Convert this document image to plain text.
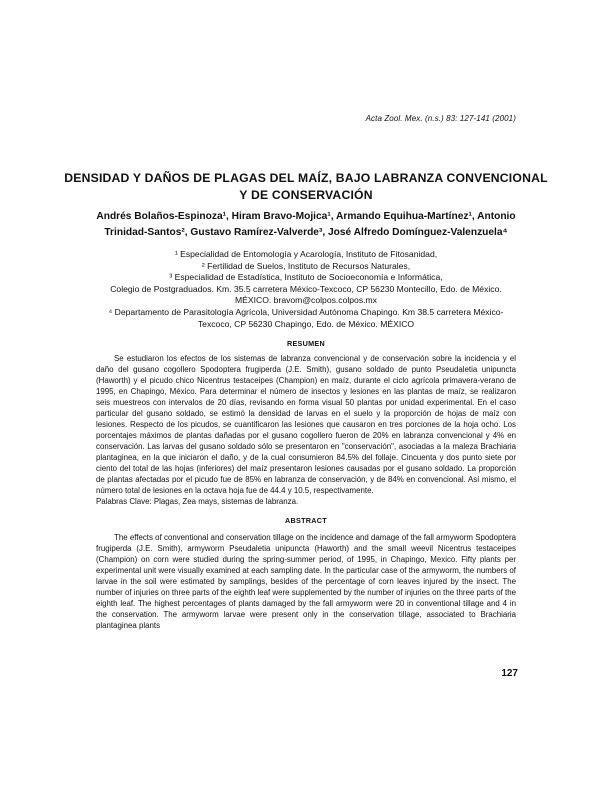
Acta Zool. Mex. (n.s.) 83: 127-141 (2001)
DENSIDAD Y DAÑOS DE PLAGAS DEL MAÍZ, BAJO LABRANZA CONVENCIONAL Y DE CONSERVACIÓN
Andrés Bolaños-Espinoza¹, Hiram Bravo-Mojica¹, Armando Equihua-Martínez¹, Antonio Trinidad-Santos², Gustavo Ramírez-Valverde³, José Alfredo Domínguez-Valenzuela⁴

¹ Especialidad de Entomología y Acarología, Instituto de Fitosanidad,

² Fertilidad de Suelos, Instituto de Recursos Naturales,

³ Especialidad de Estadística, Instituto de Socioeconomía e Informática,

Colegio de Postgraduados. Km. 35.5 carretera México-Texcoco, CP 56230 Montecillo, Edo. de México. MÉXICO. bravom@colpos.colpos.mx

⁴ Departamento de Parasitología Agrícola, Universidad Autónoma Chapingo. Km 38.5 carretera México-Texcoco, CP 56230 Chapingo, Edo. de México. MÉXICO

RESUMEN

Se estudiaron los efectos de los sistemas de labranza convencional y de conservación sobre la incidencia y el daño del gusano cogollero Spodoptera frugiperda (J.E. Smith), gusano soldado de punto Pseudaletia unipuncta (Haworth) y el picudo chico Nicentrus testaceipes (Champion) en maíz, durante el ciclo agrícola primavera-verano de 1995, en Chapingo, México. Para determinar el número de insectos y lesiones en las plantas de maíz, se realizaron seis muestreos con intervalos de 20 días, revisando en forma visual 50 plantas por unidad experimental. En el caso particular del gusano soldado, se estimó la densidad de larvas en el suelo y la proporción de hojas de maíz con lesiones. Respecto de los picudos, se cuantificaron las lesiones que causaron en tres porciones de la hoja ocho. Los porcentajes máximos de plantas dañadas por el gusano cogollero fueron de 20% en labranza convencional y 4% en conservación. Las larvas del gusano soldado sólo se presentaron en "conservación", asociadas a la maleza Brachiaria plantaginea, en la que iniciaron el daño, y de la cual consumieron 84.5% del follaje. Cincuenta y dos punto siete por ciento del total de las hojas (inferiores) del maíz presentaron lesiones causadas por el gusano soldado. La proporción de plantas afectadas por el picudo fue de 85% en labranza de conservación, y de 84% en convencional. Así mismo, el número total de lesiones en la octava hoja fue de 44.4 y 10.5, respectivamente.

Palabras Clave: Plagas, Zea mays, sistemas de labranza.

ABSTRACT

The effects of conventional and conservation tillage on the incidence and damage of the fall armyworm Spodoptera frugiperda (J.E. Smith), armyworm Pseudaletia unipuncta (Haworth) and the small weevil Nicentrus testaceipes (Champion) on corn were studied during the spring-summer period, of 1995, in Chapingo, Mexico. Fifty plants per experimental unit were visually examined at each sampling date. In the particular case of the armyworm, the numbers of larvae in the soil were estimated by samplings, besides of the percentage of corn leaves injured by the insect. The number of injuries on three parts of the eighth leaf were supplemented by the number of injuries on the three parts of the eighth leaf. The highest percentages of plants damaged by the fall armyworm were 20 in conventional tillage and 4 in the conservation. The armyworm larvae were present only in the conservation tillage, associated to Brachiaria plantaginea plants

127
